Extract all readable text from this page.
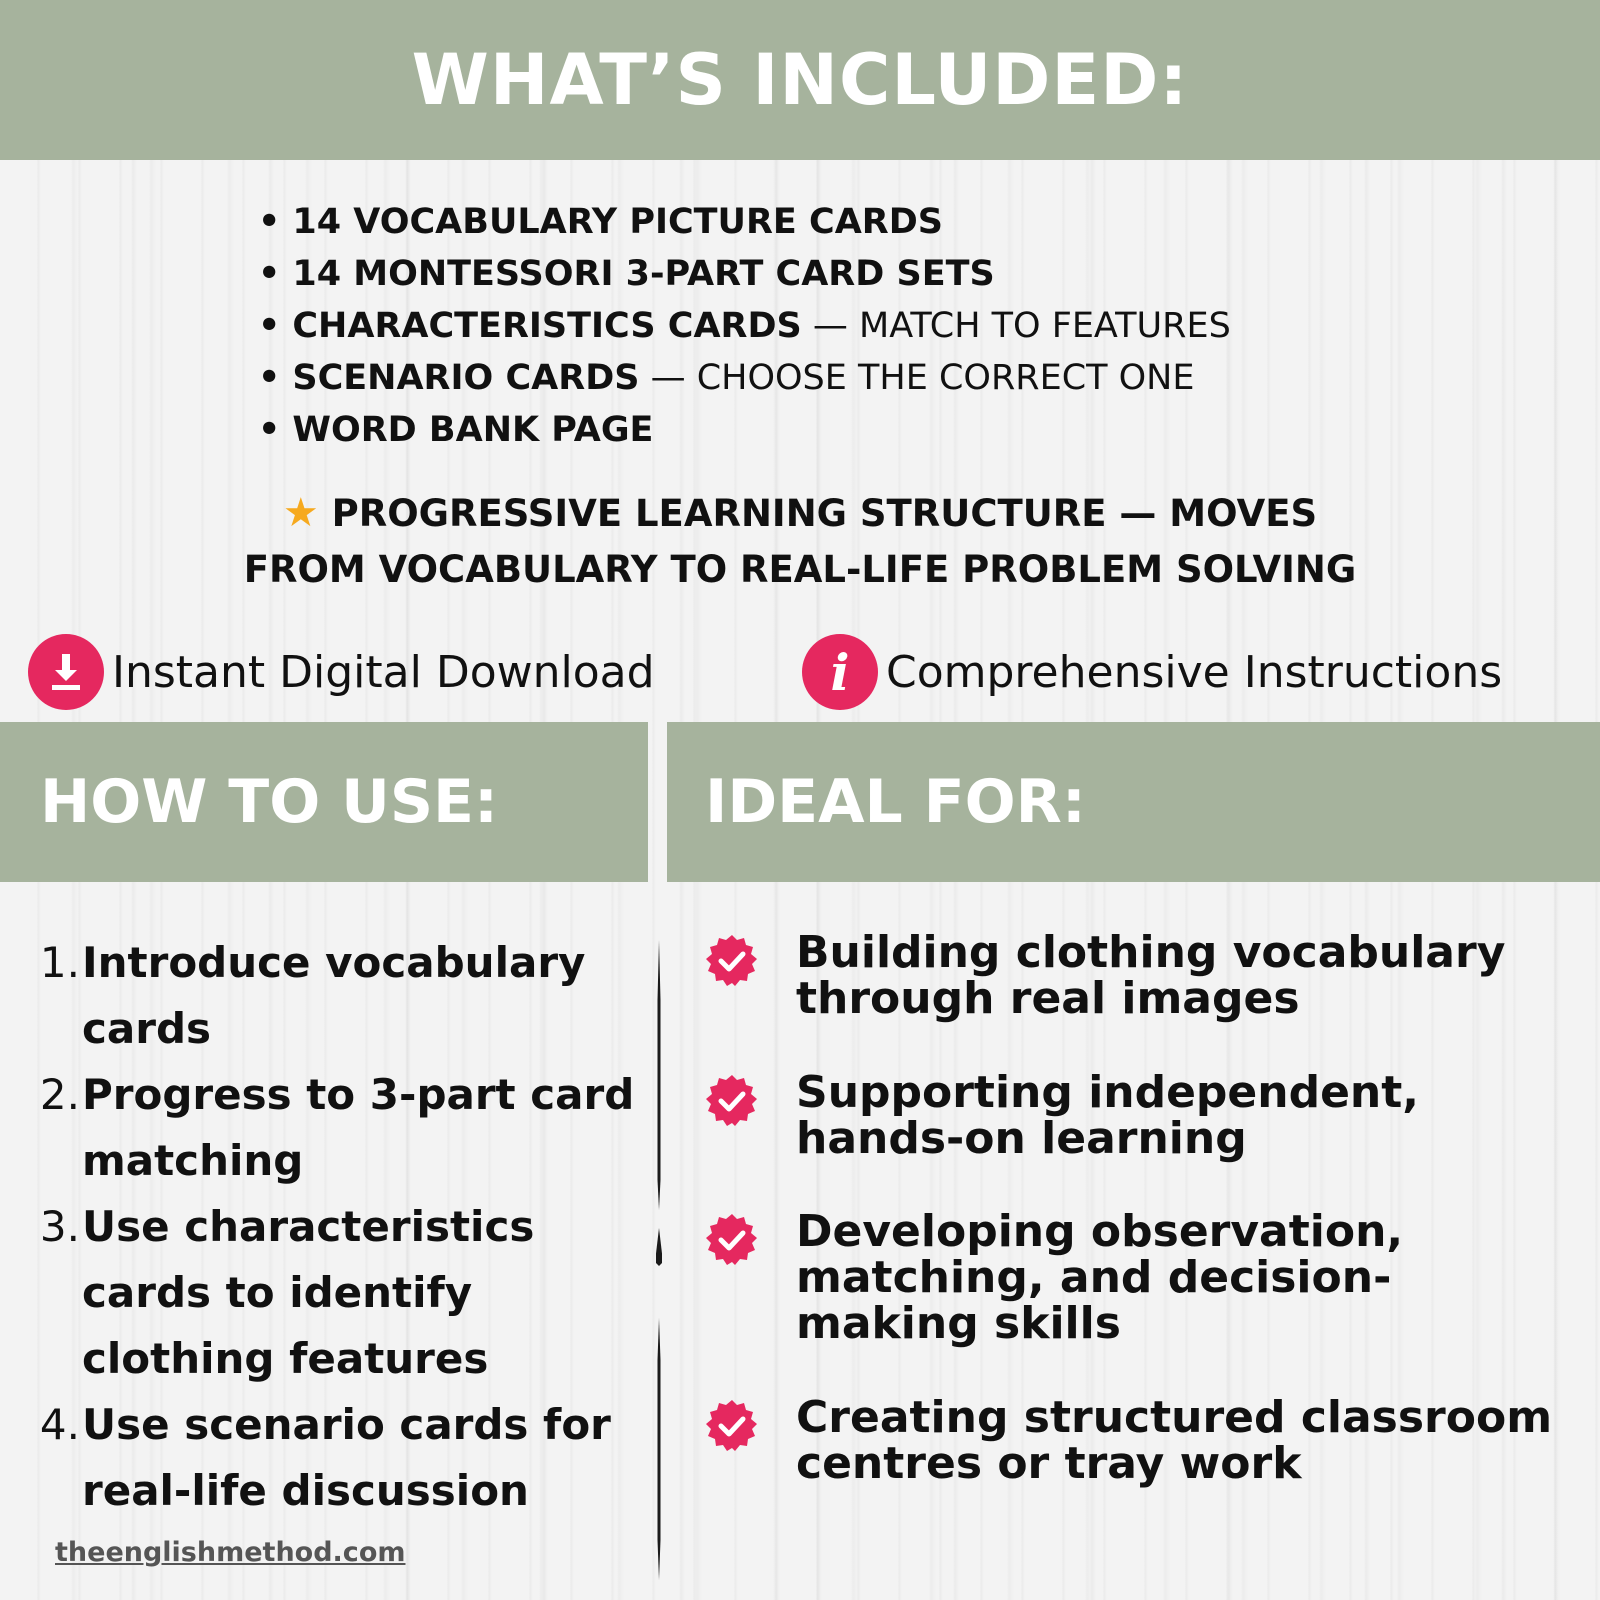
WHAT’S INCLUDED:
• 14 VOCABULARY PICTURE CARDS
• 14 MONTESSORI 3-PART CARD SETS
• CHARACTERISTICS CARDS — MATCH TO FEATURES
• SCENARIO CARDS — CHOOSE THE CORRECT ONE
• WORD BANK PAGE
★ PROGRESSIVE LEARNING STRUCTURE — MOVES
FROM VOCABULARY TO REAL-LIFE PROBLEM SOLVING
Instant Digital Download	i Comprehensive Instructions
HOW TO USE:	IDEAL FOR:
1. Introduce vocabulary cards
2. Progress to 3-part card matching
3. Use characteristics cards to identify clothing features
4. Use scenario cards for real-life discussion
Building clothing vocabulary through real images
Supporting independent, hands-on learning
Developing observation, matching, and decision-making skills
Creating structured classroom centres or tray work
theenglishmethod.com
